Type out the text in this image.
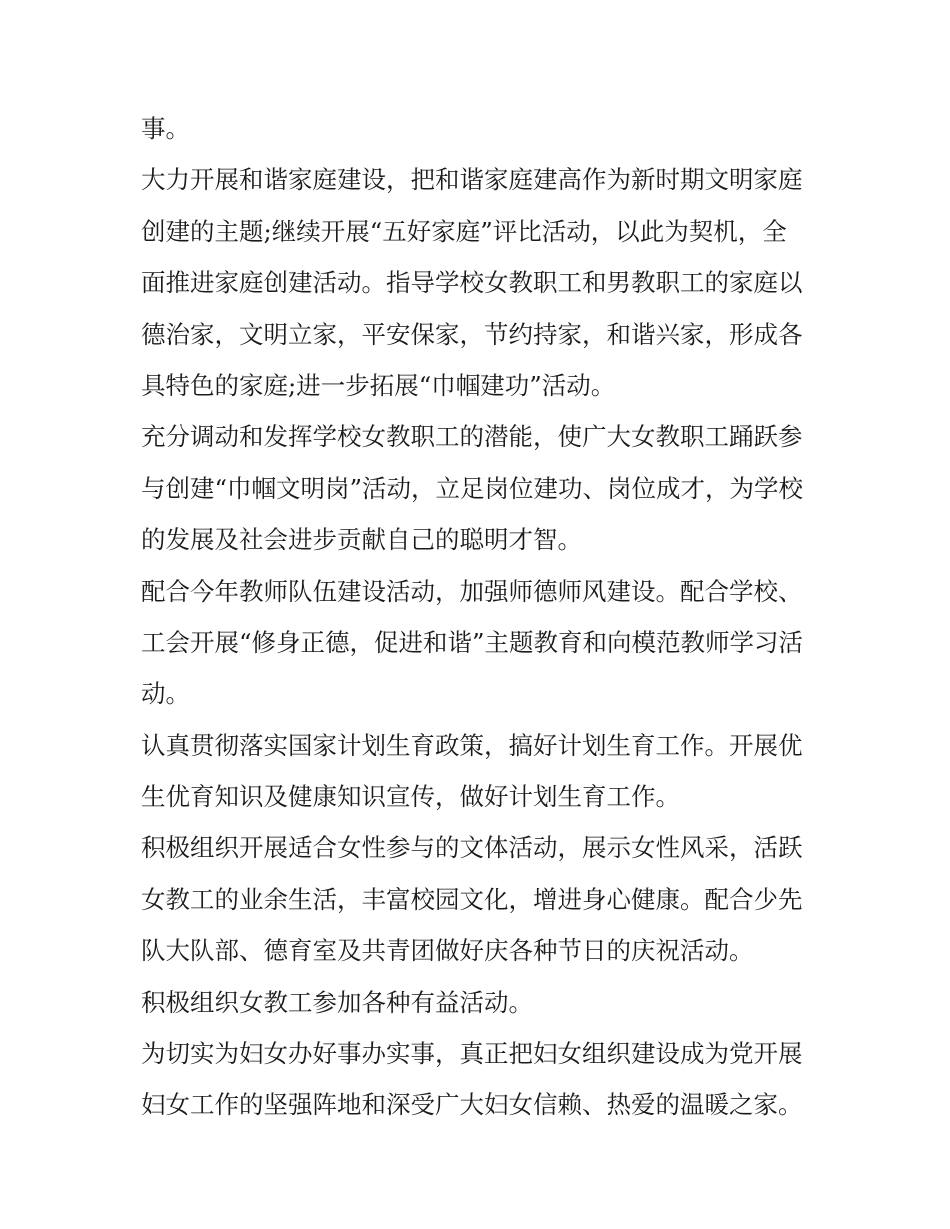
事。
大力开展和谐家庭建设，把和谐家庭建高作为新时期文明家庭
创建的主题;继续开展“五好家庭”评比活动，以此为契机，全
面推进家庭创建活动。指导学校女教职工和男教职工的家庭以
德治家，文明立家，平安保家，节约持家，和谐兴家，形成各
具特色的家庭;进一步拓展“巾帼建功”活动。
充分调动和发挥学校女教职工的潜能，使广大女教职工踊跃参
与创建“巾帼文明岗”活动，立足岗位建功、岗位成才，为学校
的发展及社会进步贡献自己的聪明才智。
配合今年教师队伍建设活动，加强师德师风建设。配合学校、
工会开展“修身正德，促进和谐”主题教育和向模范教师学习活
动。
认真贯彻落实国家计划生育政策，搞好计划生育工作。开展优
生优育知识及健康知识宣传，做好计划生育工作。
积极组织开展适合女性参与的文体活动，展示女性风采，活跃
女教工的业余生活，丰富校园文化，增进身心健康。配合少先
队大队部、德育室及共青团做好庆各种节日的庆祝活动。
积极组织女教工参加各种有益活动。
为切实为妇女办好事办实事，真正把妇女组织建设成为党开展
妇女工作的坚强阵地和深受广大妇女信赖、热爱的温暖之家。
